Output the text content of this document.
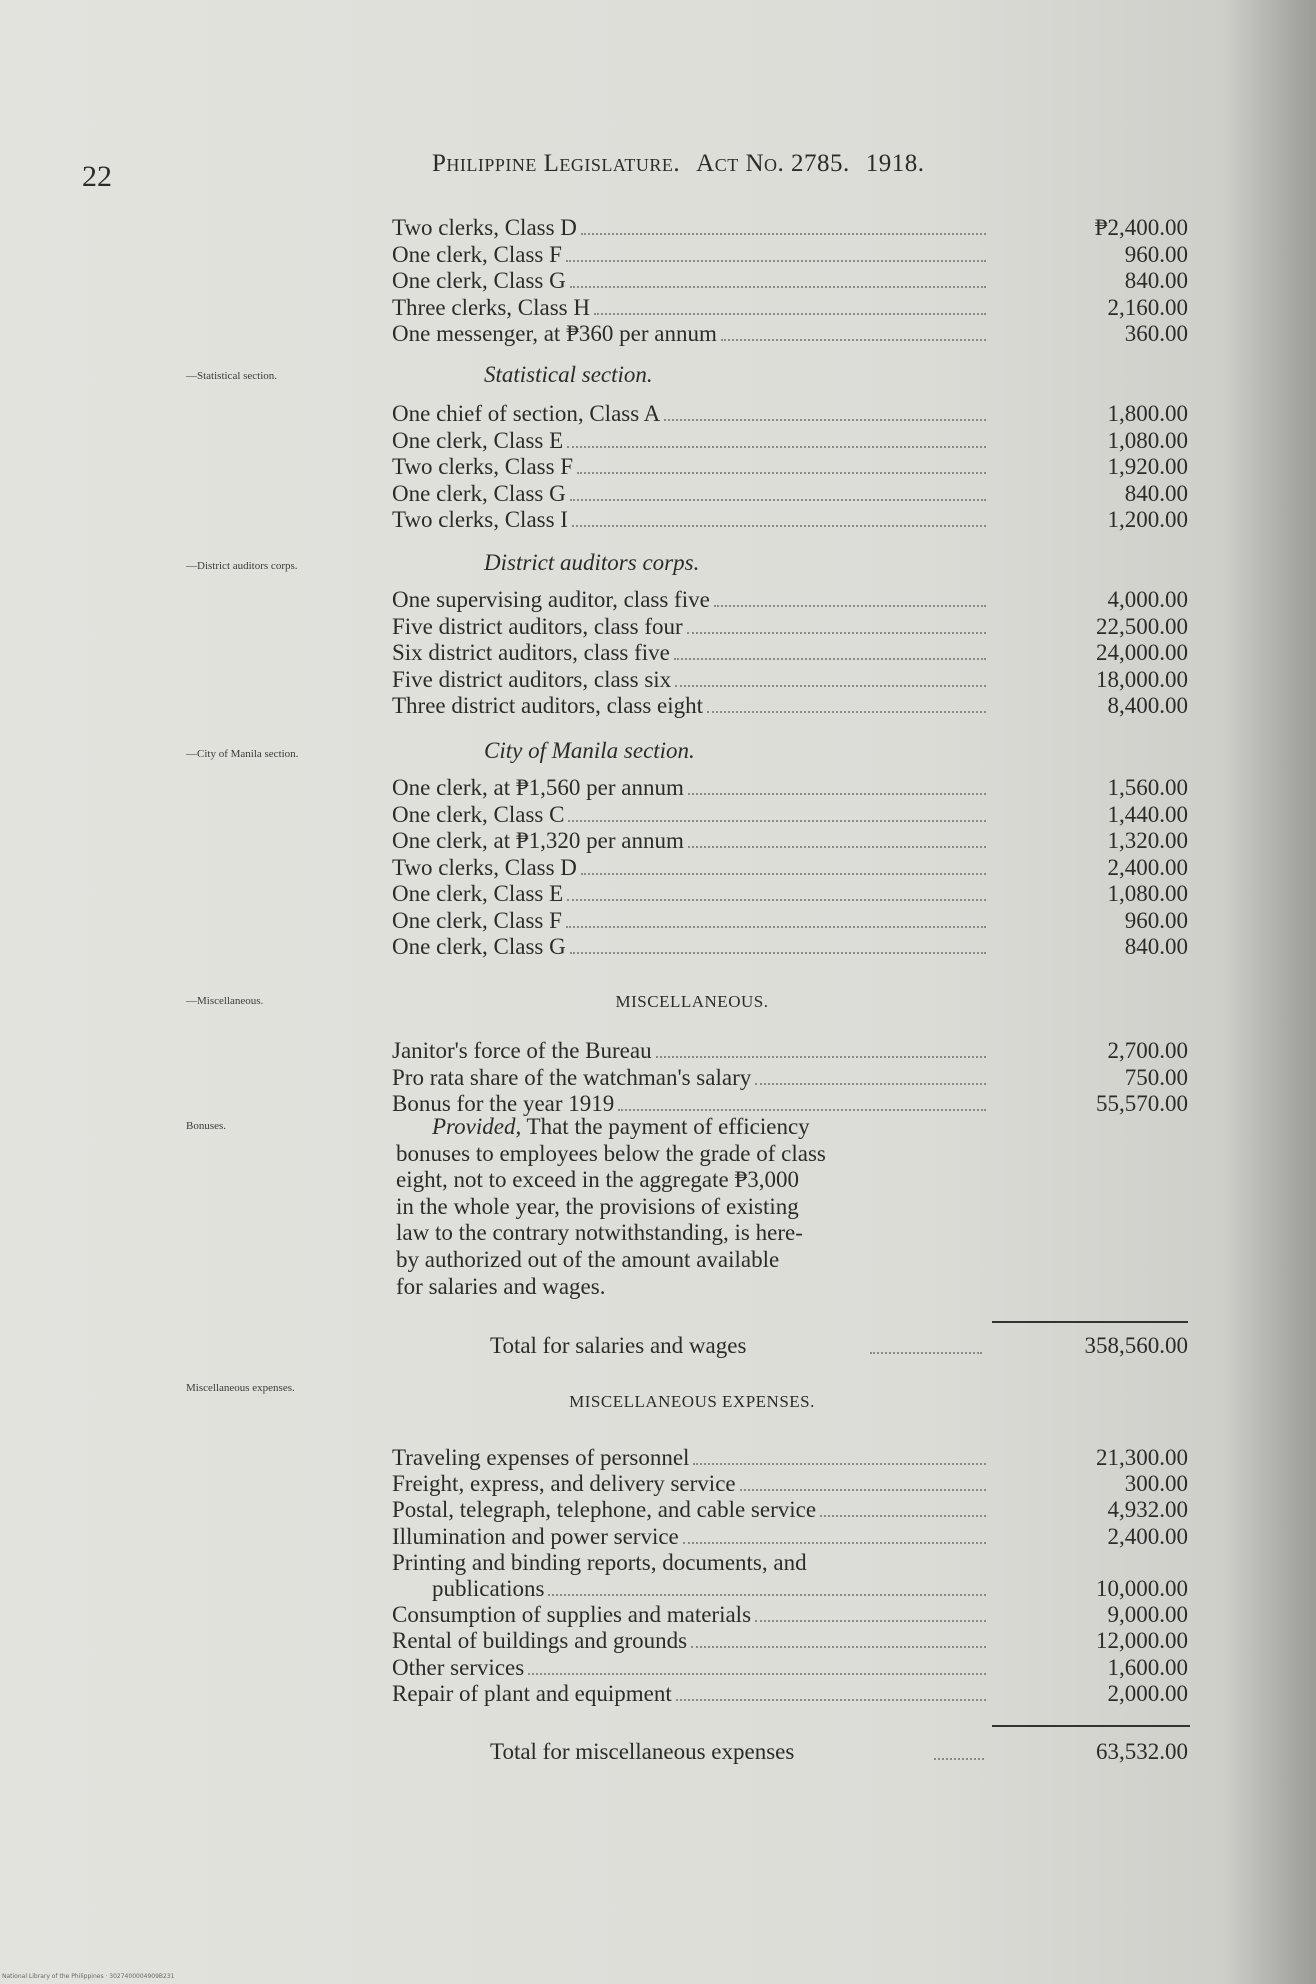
22	Philippine Legislature. Act No. 2785. 1918.
Two clerks, Class D	₱2,400.00
One clerk, Class F	960.00
One clerk, Class G	840.00
Three clerks, Class H	2,160.00
One messenger, at ₱360 per annum	360.00
—Statistical section.	Statistical section.
One chief of section, Class A	1,800.00
One clerk, Class E	1,080.00
Two clerks, Class F	1,920.00
One clerk, Class G	840.00
Two clerks, Class I	1,200.00
—District auditors corps.	District auditors corps.
One supervising auditor, class five	4,000.00
Five district auditors, class four	22,500.00
Six district auditors, class five	24,000.00
Five district auditors, class six	18,000.00
Three district auditors, class eight	8,400.00
—City of Manila section.	City of Manila section.
One clerk, at ₱1,560 per annum	1,560.00
One clerk, Class C	1,440.00
One clerk, at ₱1,320 per annum	1,320.00
Two clerks, Class D	2,400.00
One clerk, Class E	1,080.00
One clerk, Class F	960.00
One clerk, Class G	840.00
—Miscellaneous.	MISCELLANEOUS.
Janitor's force of the Bureau	2,700.00
Pro rata share of the watchman's salary	750.00
Bonus for the year 1919	55,570.00
Bonuses.	Provided, That the payment of efficiency
bonuses to employees below the grade of class
eight, not to exceed in the aggregate ₱3,000
in the whole year, the provisions of existing
law to the contrary notwithstanding, is here-
by authorized out of the amount available
for salaries and wages.
Total for salaries and wages	358,560.00
Miscellaneous expenses.
MISCELLANEOUS EXPENSES.
Traveling expenses of personnel	21,300.00
Freight, express, and delivery service	300.00
Postal, telegraph, telephone, and cable service	4,932.00
Illumination and power service	2,400.00
Printing and binding reports, documents, and
publications	10,000.00
Consumption of supplies and materials	9,000.00
Rental of buildings and grounds	12,000.00
Other services	1,600.00
Repair of plant and equipment	2,000.00
Total for miscellaneous expenses	63,532.00
National Library of the Philippines · 3027400004909B231
